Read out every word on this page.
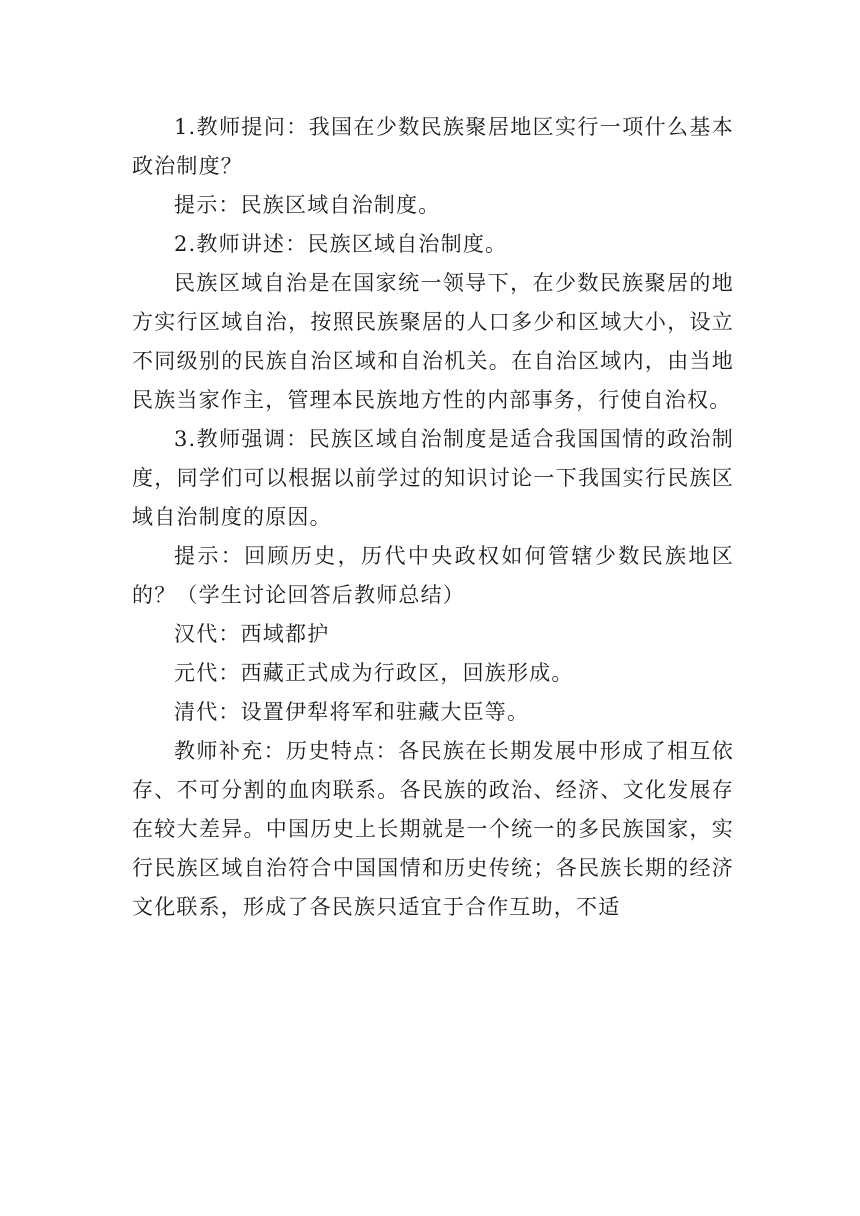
1.教师提问：我国在少数民族聚居地区实行一项什么基本政治制度？

提示：民族区域自治制度。

2.教师讲述：民族区域自治制度。

民族区域自治是在国家统一领导下，在少数民族聚居的地方实行区域自治，按照民族聚居的人口多少和区域大小，设立不同级别的民族自治区域和自治机关。在自治区域内，由当地民族当家作主，管理本民族地方性的内部事务，行使自治权。

3.教师强调：民族区域自治制度是适合我国国情的政治制度，同学们可以根据以前学过的知识讨论一下我国实行民族区域自治制度的原因。

提示：回顾历史，历代中央政权如何管辖少数民族地区的？（学生讨论回答后教师总结）

汉代：西域都护

元代：西藏正式成为行政区，回族形成。

清代：设置伊犁将军和驻藏大臣等。

教师补充：历史特点：各民族在长期发展中形成了相互依存、不可分割的血肉联系。各民族的政治、经济、文化发展存在较大差异。中国历史上长期就是一个统一的多民族国家，实行民族区域自治符合中国国情和历史传统；各民族长期的经济文化联系，形成了各民族只适宜于合作互助，不适
